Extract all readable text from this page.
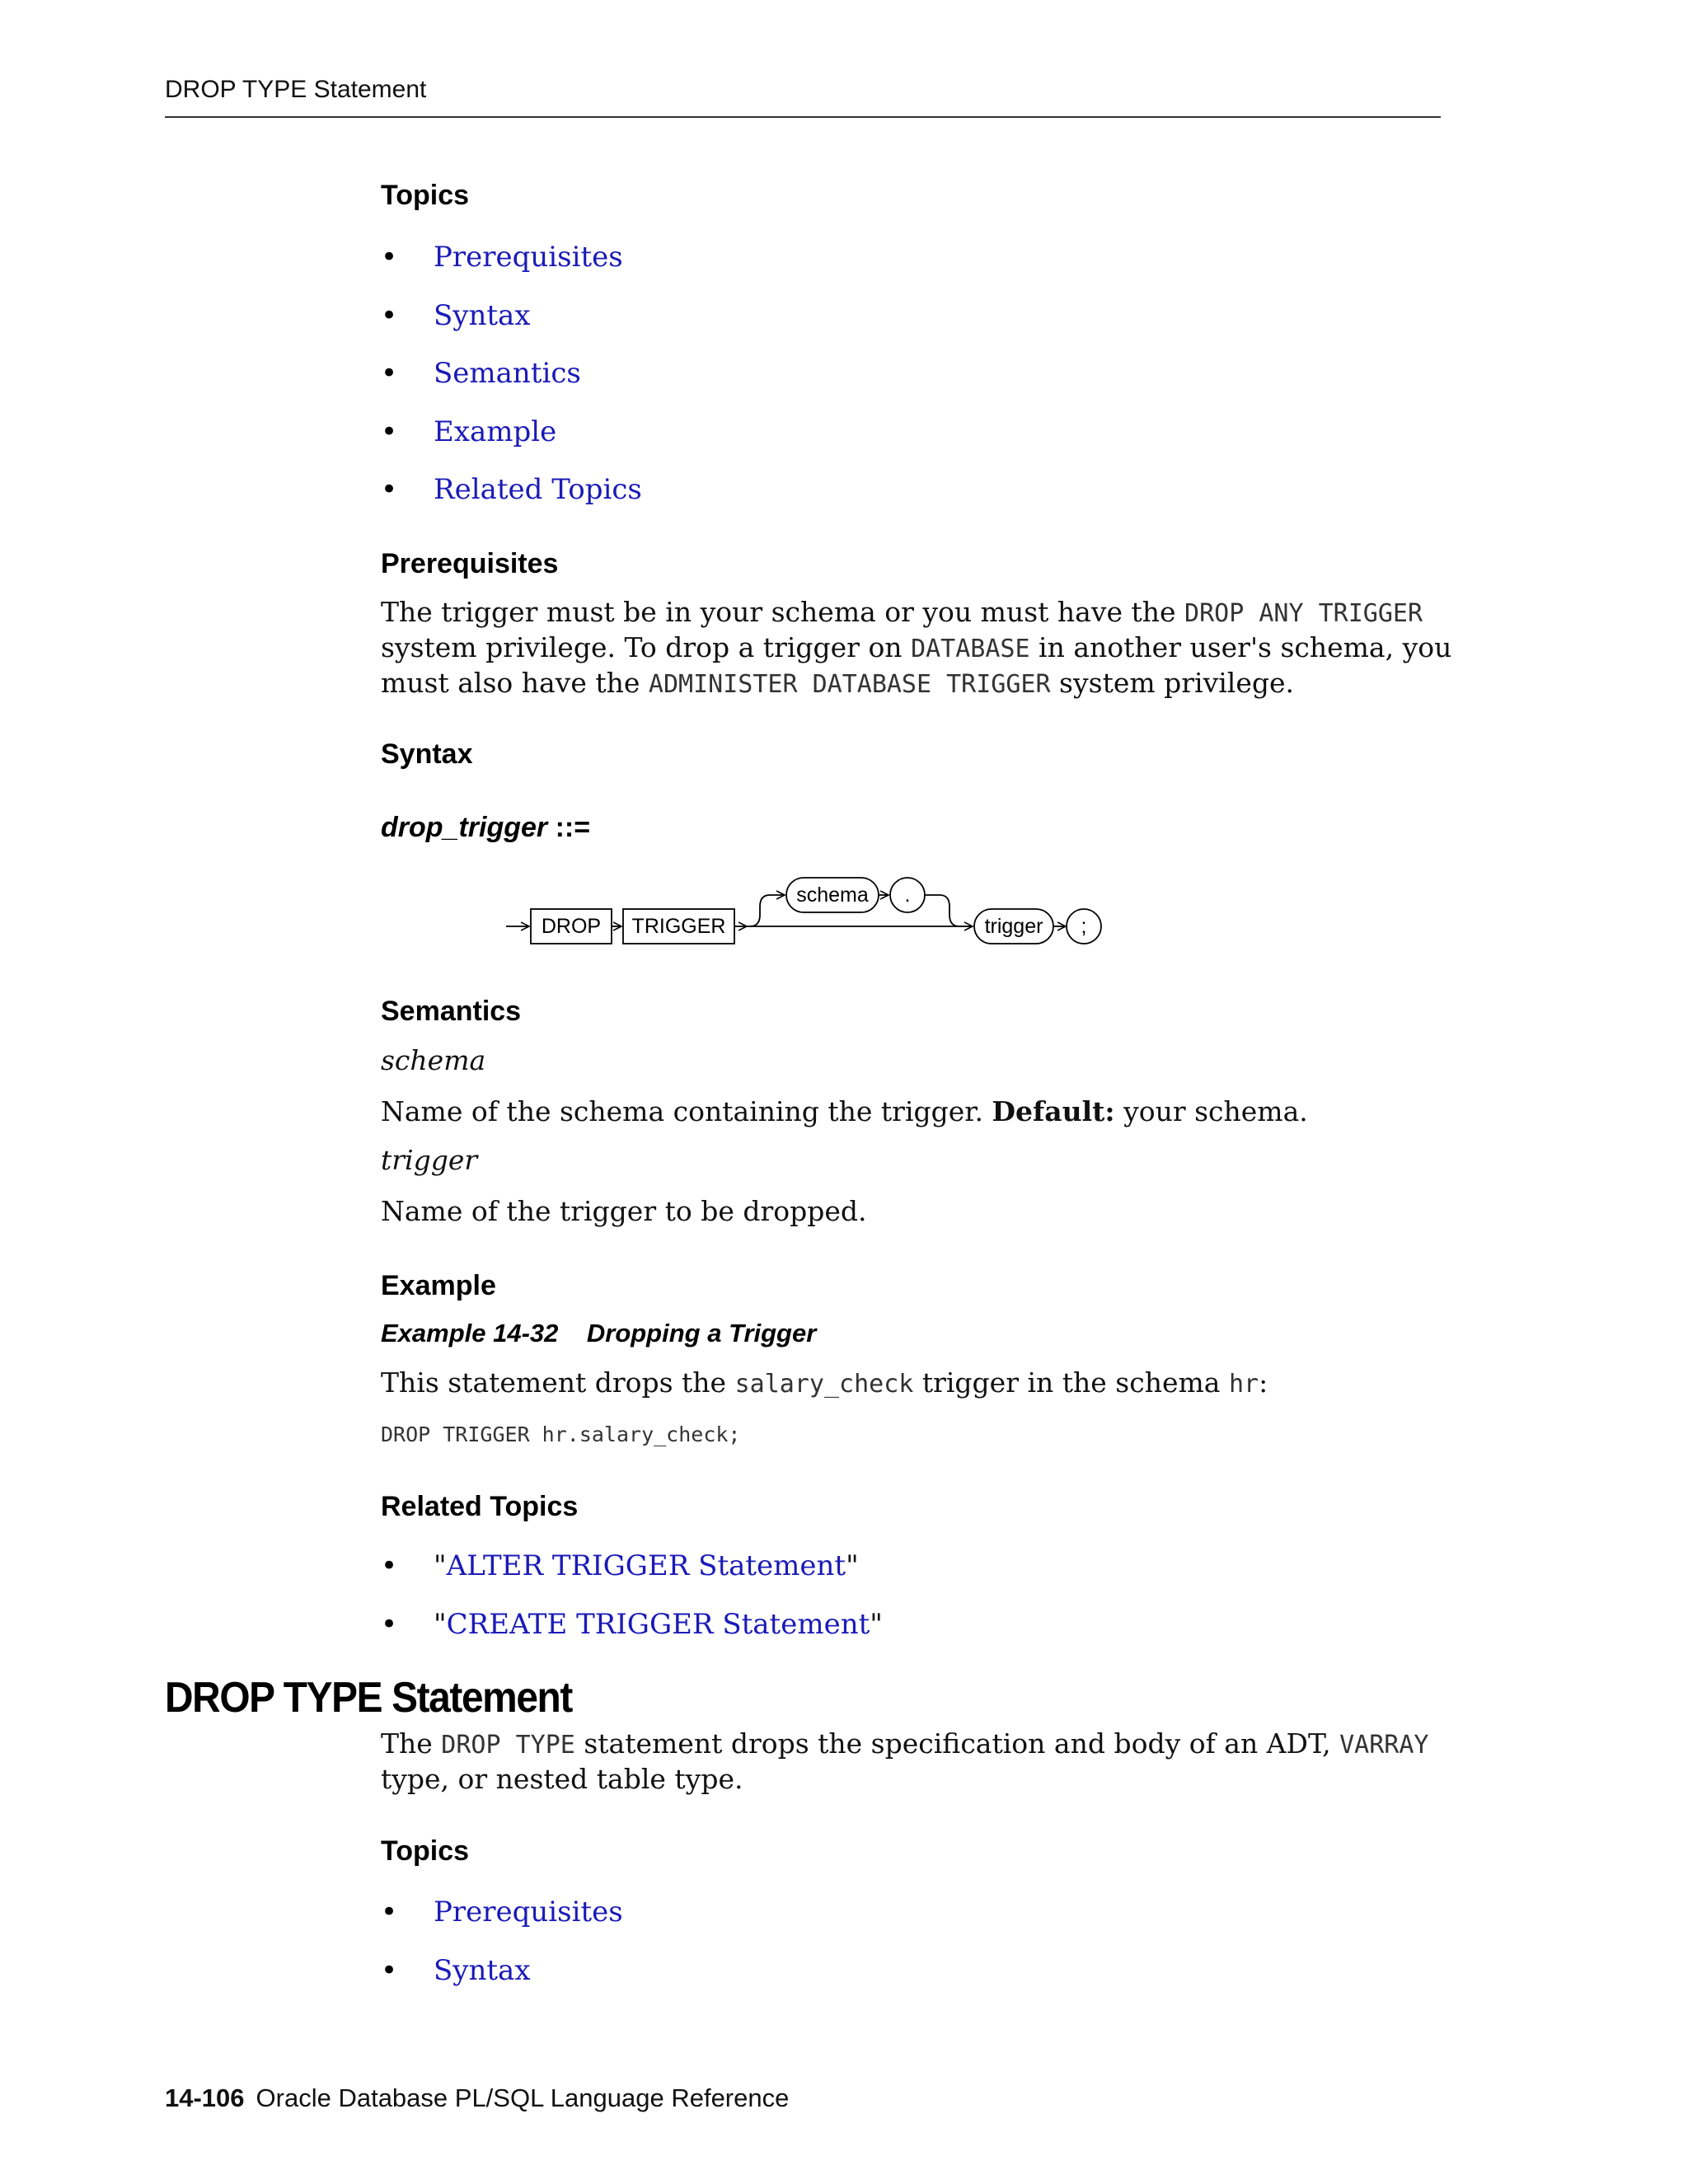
DROP TYPE Statement
Topics
• Prerequisites
• Syntax
• Semantics
• Example
• Related Topics
Prerequisites

The trigger must be in your schema or you must have the DROP ANY TRIGGER system privilege. To drop a trigger on DATABASE in another user's schema, you must also have the ADMINISTER DATABASE TRIGGER system privilege.

Syntax
drop_trigger ::=
DROP TRIGGER
schema .
trigger ;
Semantics
schema

Name of the schema containing the trigger. Default: your schema.

trigger

Name of the trigger to be dropped.

Example
Example 14-32    Dropping a Trigger

This statement drops the salary_check trigger in the schema hr:

DROP TRIGGER hr.salary_check;
Related Topics
• "ALTER TRIGGER Statement"
• "CREATE TRIGGER Statement"
DROP TYPE Statement

The DROP TYPE statement drops the specification and body of an ADT, VARRAY type, or nested table type.

Topics
• Prerequisites
• Syntax
14-106 Oracle Database PL/SQL Language Reference
